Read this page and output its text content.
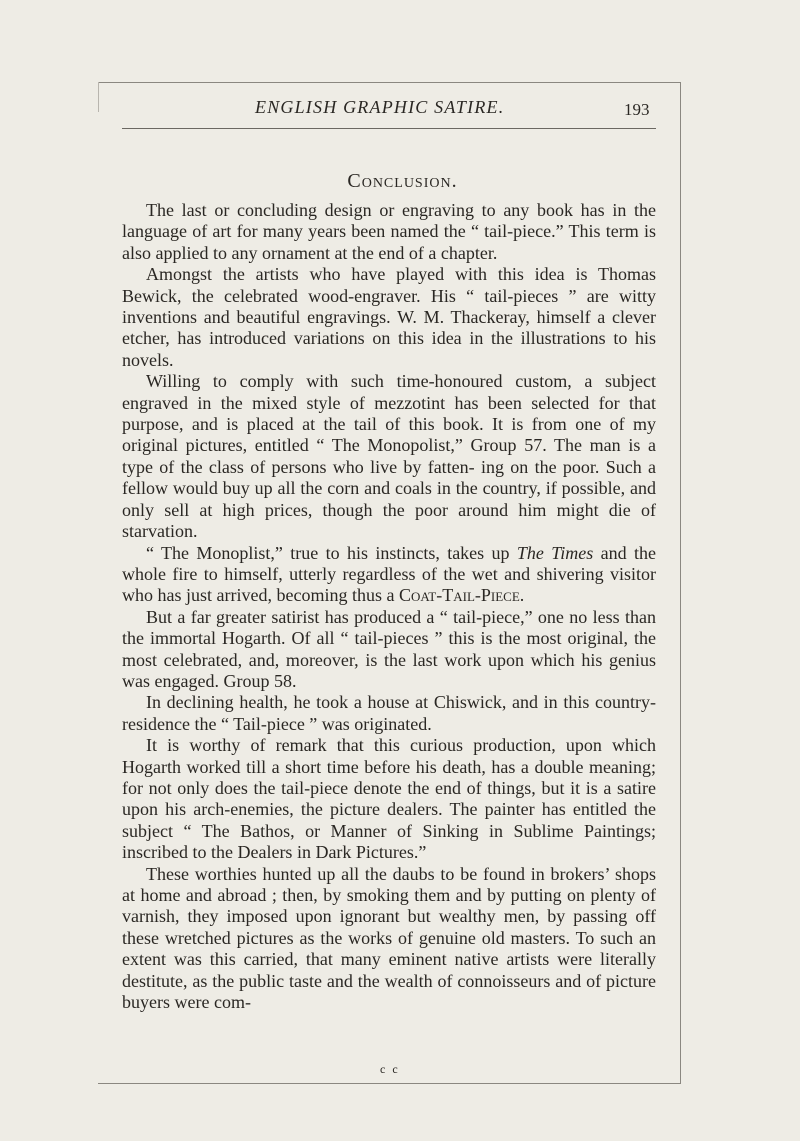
ENGLISH GRAPHIC SATIRE.	193
Conclusion.

The last or concluding design or engraving to any book has in the language of art for many years been named the “ tail-piece.” This term is also applied to any ornament at the end of a chapter.

Amongst the artists who have played with this idea is Thomas Bewick, the celebrated wood-engraver. His “ tail-pieces ” are witty inventions and beautiful engravings. W. M. Thackeray, himself a clever etcher, has introduced variations on this idea in the illustrations to his novels.

Willing to comply with such time-honoured custom, a subject engraved in the mixed style of mezzotint has been selected for that purpose, and is placed at the tail of this book. It is from one of my original pictures, entitled “ The Monopolist,” Group 57. The man is a type of the class of persons who live by fatten- ing on the poor. Such a fellow would buy up all the corn and coals in the country, if possible, and only sell at high prices, though the poor around him might die of starvation.

“ The Monoplist,” true to his instincts, takes up The Times and the whole fire to himself, utterly regardless of the wet and shivering visitor who has just arrived, becoming thus a Coat-Tail-Piece.

But a far greater satirist has produced a “ tail-piece,” one no less than the immortal Hogarth. Of all “ tail-pieces ” this is the most original, the most celebrated, and, moreover, is the last work upon which his genius was engaged. Group 58.

In declining health, he took a house at Chiswick, and in this country-residence the “ Tail-piece ” was originated.

It is worthy of remark that this curious production, upon which Hogarth worked till a short time before his death, has a double meaning; for not only does the tail-piece denote the end of things, but it is a satire upon his arch-enemies, the picture dealers. The painter has entitled the subject “ The Bathos, or Manner of Sinking in Sublime Paintings; inscribed to the Dealers in Dark Pictures.”

These worthies hunted up all the daubs to be found in brokers’ shops at home and abroad ; then, by smoking them and by putting on plenty of varnish, they imposed upon ignorant but wealthy men, by passing off these wretched pictures as the works of genuine old masters. To such an extent was this carried, that many eminent native artists were literally destitute, as the public taste and the wealth of connoisseurs and of picture buyers were com-

c c
